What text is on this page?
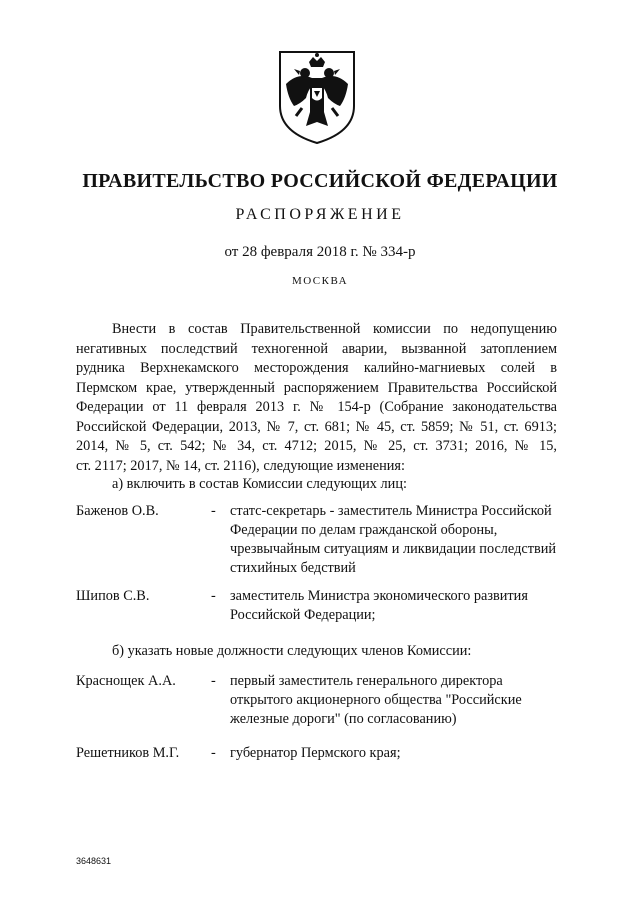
ПРАВИТЕЛЬСТВО РОССИЙСКОЙ ФЕДЕРАЦИИ
РАСПОРЯЖЕНИЕ
от 28 февраля 2018 г. № 334-р
МОСКВА
Внести в состав Правительственной комиссии по недопущению
негативных последствий техногенной аварии, вызванной затоплением
рудника Верхнекамского месторождения калийно-магниевых солей в
Пермском крае, утвержденный распоряжением Правительства Российской
Федерации от 11 февраля 2013 г. № 154-р (Собрание законодательства
Российской Федерации, 2013, № 7, ст. 681; № 45, ст. 5859; № 51, ст. 6913;
2014, № 5, ст. 542; № 34, ст. 4712; 2015, № 25, ст. 3731; 2016, № 15,
ст. 2117; 2017, № 14, ст. 2116), следующие изменения:
а) включить в состав Комиссии следующих лиц:
Баженов О.В.	- статс-секретарь - заместитель Министра Российской Федерации по делам гражданской обороны, чрезвычайным ситуациям и ликвидации последствий стихийных бедствий
Шипов С.В.	- заместитель Министра экономического развития Российской Федерации;
б) указать новые должности следующих членов Комиссии:
Краснощек А.А. - первый заместитель генерального директора открытого акционерного общества "Российские железные дороги" (по согласованию)
Решетников М.Г. - губернатор Пермского края;
3648631
